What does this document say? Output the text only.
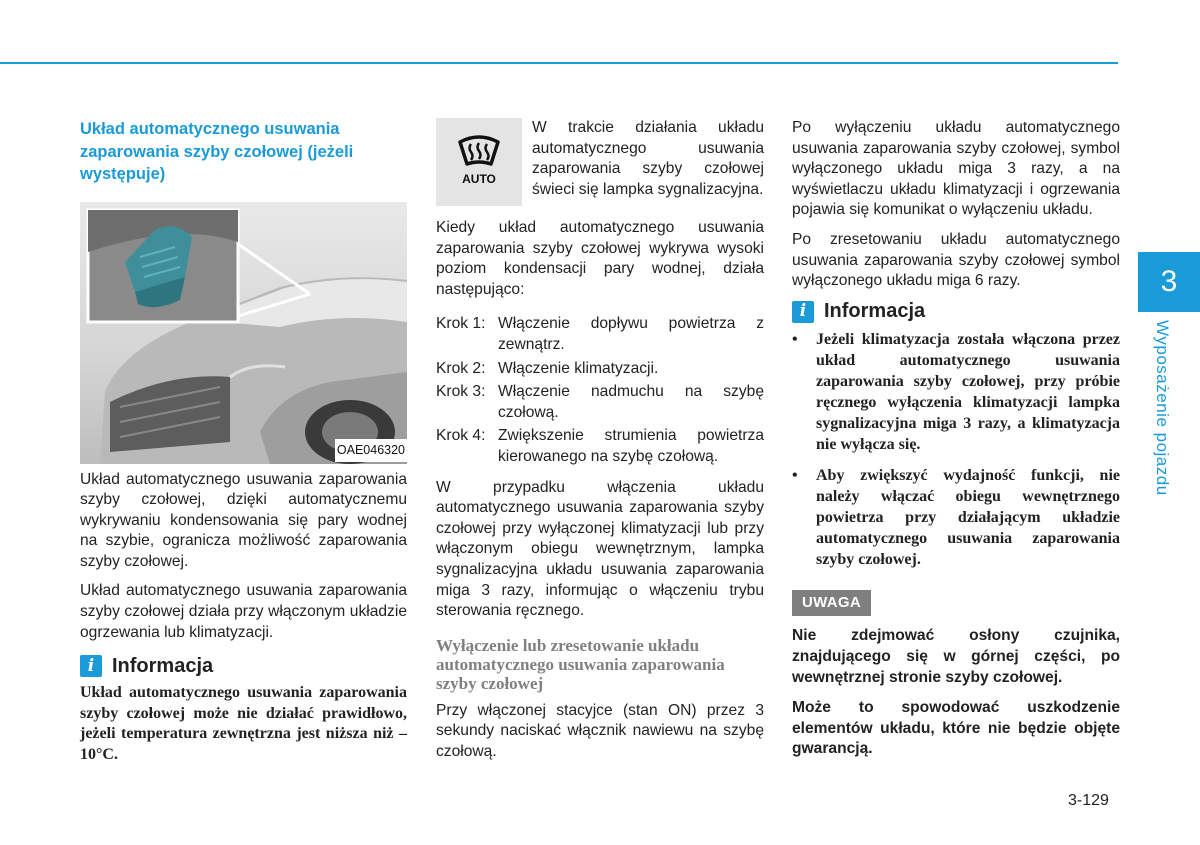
Układ automatycznego usuwania zaparowania szyby czołowej (jeżeli występuje)
OAE046320

Układ automatycznego usuwania zaparowania szyby czołowej, dzięki automatycznemu wykrywaniu kondensowania się pary wodnej na szybie, ogranicza możliwość zaparowania szyby czołowej.

Układ automatycznego usuwania zaparowania szyby czołowej działa przy włączonym układzie ogrzewania lub klimatyzacji.

i Informacja
Układ automatycznego usuwania zaparowania szyby czołowej może nie działać prawidłowo, jeżeli temperatura zewnętrzna jest niższa niż –10°C.
AUTO
W trakcie działania układu automatycznego usuwania zaparowania szyby czołowej świeci się lampka sygnalizacyjna.

Kiedy układ automatycznego usuwania zaparowania szyby czołowej wykrywa wysoki poziom kondensacji pary wodnej, działa następująco:

Krok 1: Włączenie dopływu powietrza z zewnątrz.
Krok 2: Włączenie klimatyzacji.
Krok 3: Włączenie nadmuchu na szybę czołową.
Krok 4: Zwiększenie strumienia powietrza kierowanego na szybę czołową.

W przypadku włączenia układu automatycznego usuwania zaparowania szyby czołowej przy wyłączonej klimatyzacji lub przy włączonym obiegu wewnętrznym, lampka sygnalizacyjna układu usuwania zaparowania miga 3 razy, informując o włączeniu trybu sterowania ręcznego.

Wyłączenie lub zresetowanie układu automatycznego usuwania zaparowania szyby czołowej

Przy włączonej stacyjce (stan ON) przez 3 sekundy naciskać włącznik nawiewu na szybę czołową.

Po wyłączeniu układu automatycznego usuwania zaparowania szyby czołowej, symbol wyłączonego układu miga 3 razy, a na wyświetlaczu układu klimatyzacji i ogrzewania pojawia się komunikat o wyłączeniu układu.

Po zresetowaniu układu automatycznego usuwania zaparowania szyby czołowej symbol wyłączonego układu miga 6 razy.

i Informacja
•	Jeżeli klimatyzacja została włączona przez układ automatycznego usuwania zaparowania szyby czołowej, przy próbie ręcznego wyłączenia klimatyzacji lampka sygnalizacyjna miga 3 razy, a klimatyzacja nie wyłącza się.
•	Aby zwiększyć wydajność funkcji, nie należy włączać obiegu wewnętrznego powietrza przy działającym układzie automatycznego usuwania zaparowania szyby czołowej.
UWAGA
Nie zdejmować osłony czujnika, znajdującego się w górnej części, po wewnętrznej stronie szyby czołowej.
Może to spowodować uszkodzenie elementów układu, które nie będzie objęte gwarancją.
3
Wyposażenie pojazdu
3-129
